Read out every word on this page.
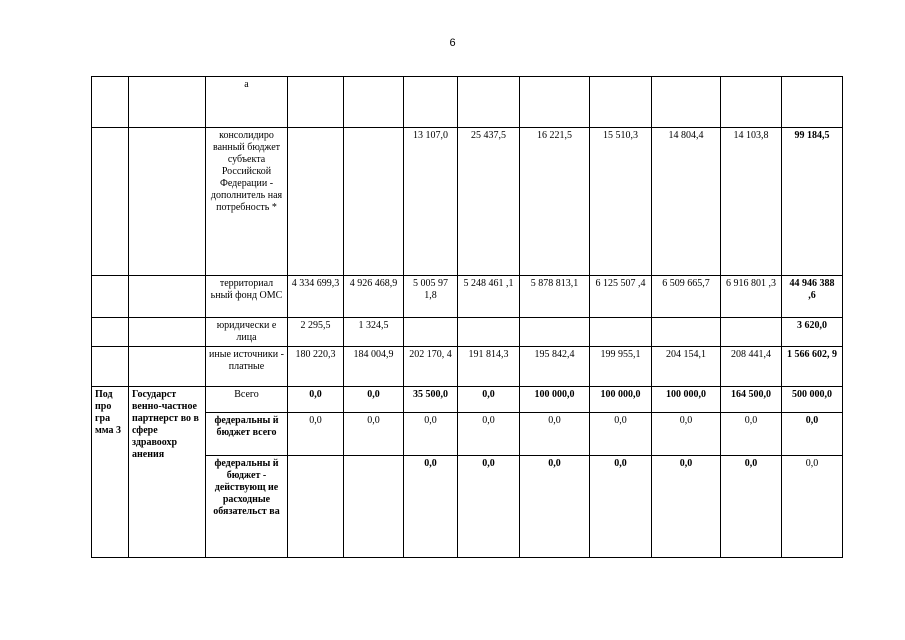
6
		а									
		консолидиро ванный бюджет субъекта Российской Федерации - дополнитель ная потребность *			13 107,0	25 437,5	16 221,5	15 510,3	14 804,4	14 103,8	99 184,5
		территориал ьный фонд ОМС	4 334 699,3	4 926 468,9	5 005 97 1,8	5 248 461 ,1	5 878 813,1	6 125 507 ,4	6 509 665,7	6 916 801 ,3	44 946 388 ,6
		юридически е лица	2 295,5	1 324,5							3 620,0
		иные источники - платные	180 220,3	184 004,9	202 170, 4	191 814,3	195 842,4	199 955,1	204 154,1	208 441,4	1 566 602, 9
Под про гра мма 3	Государст венно-частное партнерст во в сфере здравоохр анения	Всего	0,0	0,0	35 500,0	0,0	100 000,0	100 000,0	100 000,0	164 500,0	500 000,0
		федеральны й бюджет всего	0,0	0,0	0,0	0,0	0,0	0,0	0,0	0,0	0,0
		федеральны й бюджет - действующ ие расходные обязательст ва			0,0	0,0	0,0	0,0	0,0	0,0	0,0
